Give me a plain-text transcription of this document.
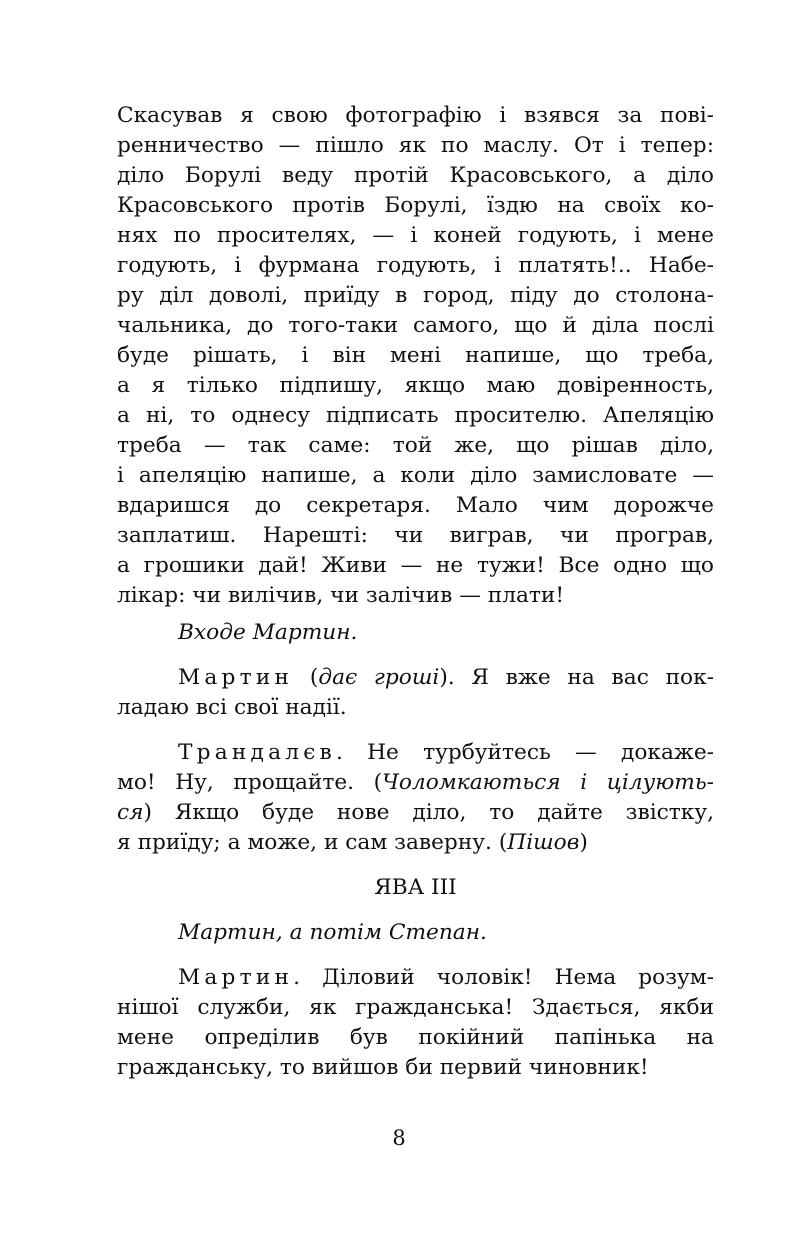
Скасував я свою фотографію і взявся за пові-
ренничество — пішло як по маслу. От і тепер:
діло Борулі веду протій Красовського, а діло
Красовського протів Борулі, їздю на своїх ко-
нях по просителях, — і коней годують, і мене
годують, і фурмана годують, і платять!.. Набе-
ру діл доволі, приїду в город, піду до столона-
чальника, до того-таки самого, що й діла послі
буде рішать, і він мені напише, що треба,
а я тілько підпишу, якщо маю довіренность,
а ні, то однесу підписать просителю. Апеляцію
треба — так саме: той же, що рішав діло,
і апеляцію напише, а коли діло замисловате —
вдаришся до секретаря. Мало чим дорожче
заплатиш. Нарешті: чи виграв, чи програв,
а грошики дай! Живи — не тужи! Все одно що
лікар: чи вилічив, чи залічив — плати!
Входе Мартин.
Мартин (дає гроші). Я вже на вас пок-
ладаю всі свої надії.
Трандалєв. Не турбуйтесь — докаже-
мо! Ну, прощайте. (Чоломкаються і цілують-
ся) Якщо буде нове діло, то дайте звістку,
я приїду; а може, и сам заверну. (Пішов)
ЯВА III
Мартин, а потім Степан.
Мартин. Діловий чоловік! Нема розум-
нішої служби, як гражданська! Здається, якби
мене опреділив був покійний папінька на
гражданську, то вийшов би первий чиновник!
8
